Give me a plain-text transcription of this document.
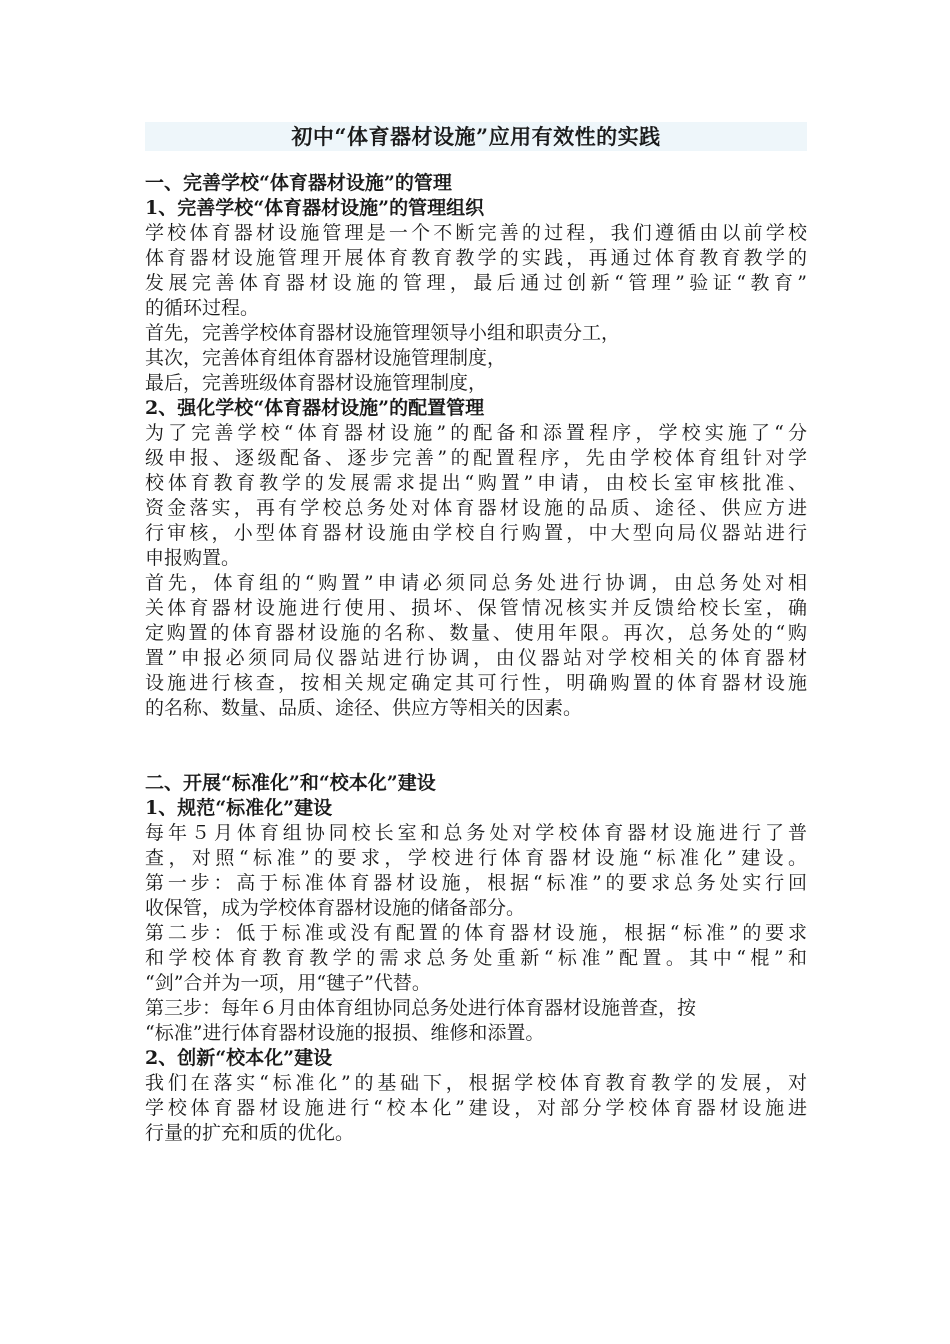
初中“体育器材设施”应用有效性的实践
一、完善学校“体育器材设施”的管理
1、完善学校“体育器材设施”的管理组织
学校体育器材设施管理是一个不断完善的过程，我们遵循由以前学校
体育器材设施管理开展体育教育教学的实践，再通过体育教育教学的
发展完善体育器材设施的管理，最后通过创新“管理”验证“教育”
的循环过程。
首先，完善学校体育器材设施管理领导小组和职责分工，
其次，完善体育组体育器材设施管理制度，
最后，完善班级体育器材设施管理制度，
2、强化学校“体育器材设施”的配置管理
为了完善学校“体育器材设施”的配备和添置程序，学校实施了“分
级申报、逐级配备、逐步完善”的配置程序，先由学校体育组针对学
校体育教育教学的发展需求提出“购置”申请，由校长室审核批准、
资金落实，再有学校总务处对体育器材设施的品质、途径、供应方进
行审核，小型体育器材设施由学校自行购置，中大型向局仪器站进行
申报购置。
首先，体育组的“购置”申请必须同总务处进行协调，由总务处对相
关体育器材设施进行使用、损坏、保管情况核实并反馈给校长室，确
定购置的体育器材设施的名称、数量、使用年限。再次，总务处的“购
置”申报必须同局仪器站进行协调，由仪器站对学校相关的体育器材
设施进行核查，按相关规定确定其可行性，明确购置的体育器材设施
的名称、数量、品质、途径、供应方等相关的因素。
二、开展“标准化”和“校本化”建设
1、规范“标准化”建设
每年５月体育组协同校长室和总务处对学校体育器材设施进行了普
查，对照“标准”的要求，学校进行体育器材设施“标准化”建设。
第一步：高于标准体育器材设施，根据“标准”的要求总务处实行回
收保管，成为学校体育器材设施的储备部分。
第二步：低于标准或没有配置的体育器材设施，根据“标准”的要求
和学校体育教育教学的需求总务处重新“标准”配置。其中“棍”和
“剑”合并为一项，用“毽子”代替。
第三步：每年６月由体育组协同总务处进行体育器材设施普查，按
“标准”进行体育器材设施的报损、维修和添置。
2、创新“校本化”建设
我们在落实“标准化”的基础下，根据学校体育教育教学的发展，对
学校体育器材设施进行“校本化”建设，对部分学校体育器材设施进
行量的扩充和质的优化。
